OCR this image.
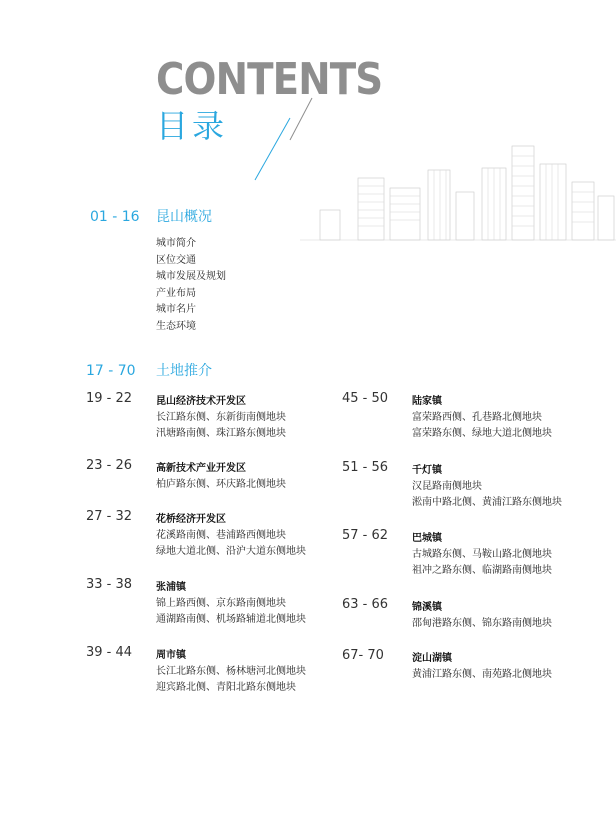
CONTENTS
目录
01 - 16 昆山概况
城市简介
区位交通
城市发展及规划
产业布局
城市名片
生态环境
17 - 70 土地推介
19 - 22 昆山经济技术开发区
长江路东侧、东新街南侧地块
汛塘路南侧、珠江路东侧地块
23 - 26 高新技术产业开发区
柏庐路东侧、环庆路北侧地块
27 - 32 花桥经济开发区
花溪路南侧、巷浦路西侧地块
绿地大道北侧、沿沪大道东侧地块
33 - 38 张浦镇
锦上路西侧、京东路南侧地块
通湖路南侧、机场路辅道北侧地块
39 - 44 周市镇
长江北路东侧、杨林塘河北侧地块
迎宾路北侧、青阳北路东侧地块
45 - 50 陆家镇
富荣路西侧、孔巷路北侧地块
富荣路东侧、绿地大道北侧地块
51 - 56 千灯镇
汉昆路南侧地块
淞南中路北侧、黄浦江路东侧地块
57 - 62 巴城镇
古城路东侧、马鞍山路北侧地块
祖冲之路东侧、临湖路南侧地块
63 - 66 锦溪镇
邵甸港路东侧、锦东路南侧地块
67- 70	淀山湖镇
黄浦江路东侧、南苑路北侧地块
